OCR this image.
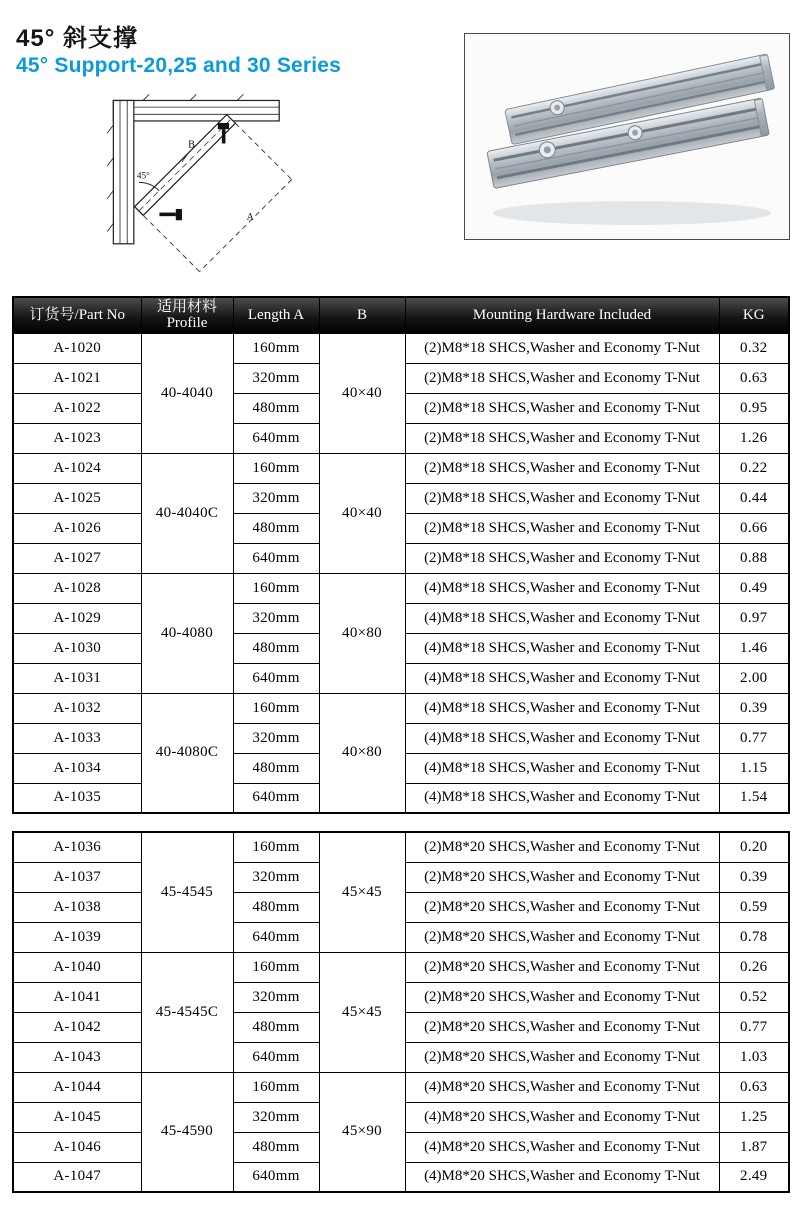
45° 斜支撑
45° Support-20,25 and 30 Series
45°
B
A
订货号/Part No	适用材料
Profile	Length A	B	Mounting Hardware Included	KG
A-1020	40-4040	160mm	40×40	(2)M8*18 SHCS,Washer and Economy T-Nut	0.32
A-1021		320mm		(2)M8*18 SHCS,Washer and Economy T-Nut	0.63
A-1022		480mm		(2)M8*18 SHCS,Washer and Economy T-Nut	0.95
A-1023		640mm		(2)M8*18 SHCS,Washer and Economy T-Nut	1.26
A-1024	40-4040C	160mm	40×40	(2)M8*18 SHCS,Washer and Economy T-Nut	0.22
A-1025		320mm		(2)M8*18 SHCS,Washer and Economy T-Nut	0.44
A-1026		480mm		(2)M8*18 SHCS,Washer and Economy T-Nut	0.66
A-1027		640mm		(2)M8*18 SHCS,Washer and Economy T-Nut	0.88
A-1028	40-4080	160mm	40×80	(4)M8*18 SHCS,Washer and Economy T-Nut	0.49
A-1029		320mm		(4)M8*18 SHCS,Washer and Economy T-Nut	0.97
A-1030		480mm		(4)M8*18 SHCS,Washer and Economy T-Nut	1.46
A-1031		640mm		(4)M8*18 SHCS,Washer and Economy T-Nut	2.00
A-1032	40-4080C	160mm	40×80	(4)M8*18 SHCS,Washer and Economy T-Nut	0.39
A-1033		320mm		(4)M8*18 SHCS,Washer and Economy T-Nut	0.77
A-1034		480mm		(4)M8*18 SHCS,Washer and Economy T-Nut	1.15
A-1035		640mm		(4)M8*18 SHCS,Washer and Economy T-Nut	1.54
A-1036	45-4545	160mm	45×45	(2)M8*20 SHCS,Washer and Economy T-Nut	0.20
A-1037		320mm		(2)M8*20 SHCS,Washer and Economy T-Nut	0.39
A-1038		480mm		(2)M8*20 SHCS,Washer and Economy T-Nut	0.59
A-1039		640mm		(2)M8*20 SHCS,Washer and Economy T-Nut	0.78
A-1040	45-4545C	160mm	45×45	(2)M8*20 SHCS,Washer and Economy T-Nut	0.26
A-1041		320mm		(2)M8*20 SHCS,Washer and Economy T-Nut	0.52
A-1042		480mm		(2)M8*20 SHCS,Washer and Economy T-Nut	0.77
A-1043		640mm		(2)M8*20 SHCS,Washer and Economy T-Nut	1.03
A-1044	45-4590	160mm	45×90	(4)M8*20 SHCS,Washer and Economy T-Nut	0.63
A-1045		320mm		(4)M8*20 SHCS,Washer and Economy T-Nut	1.25
A-1046		480mm		(4)M8*20 SHCS,Washer and Economy T-Nut	1.87
A-1047		640mm		(4)M8*20 SHCS,Washer and Economy T-Nut	2.49
